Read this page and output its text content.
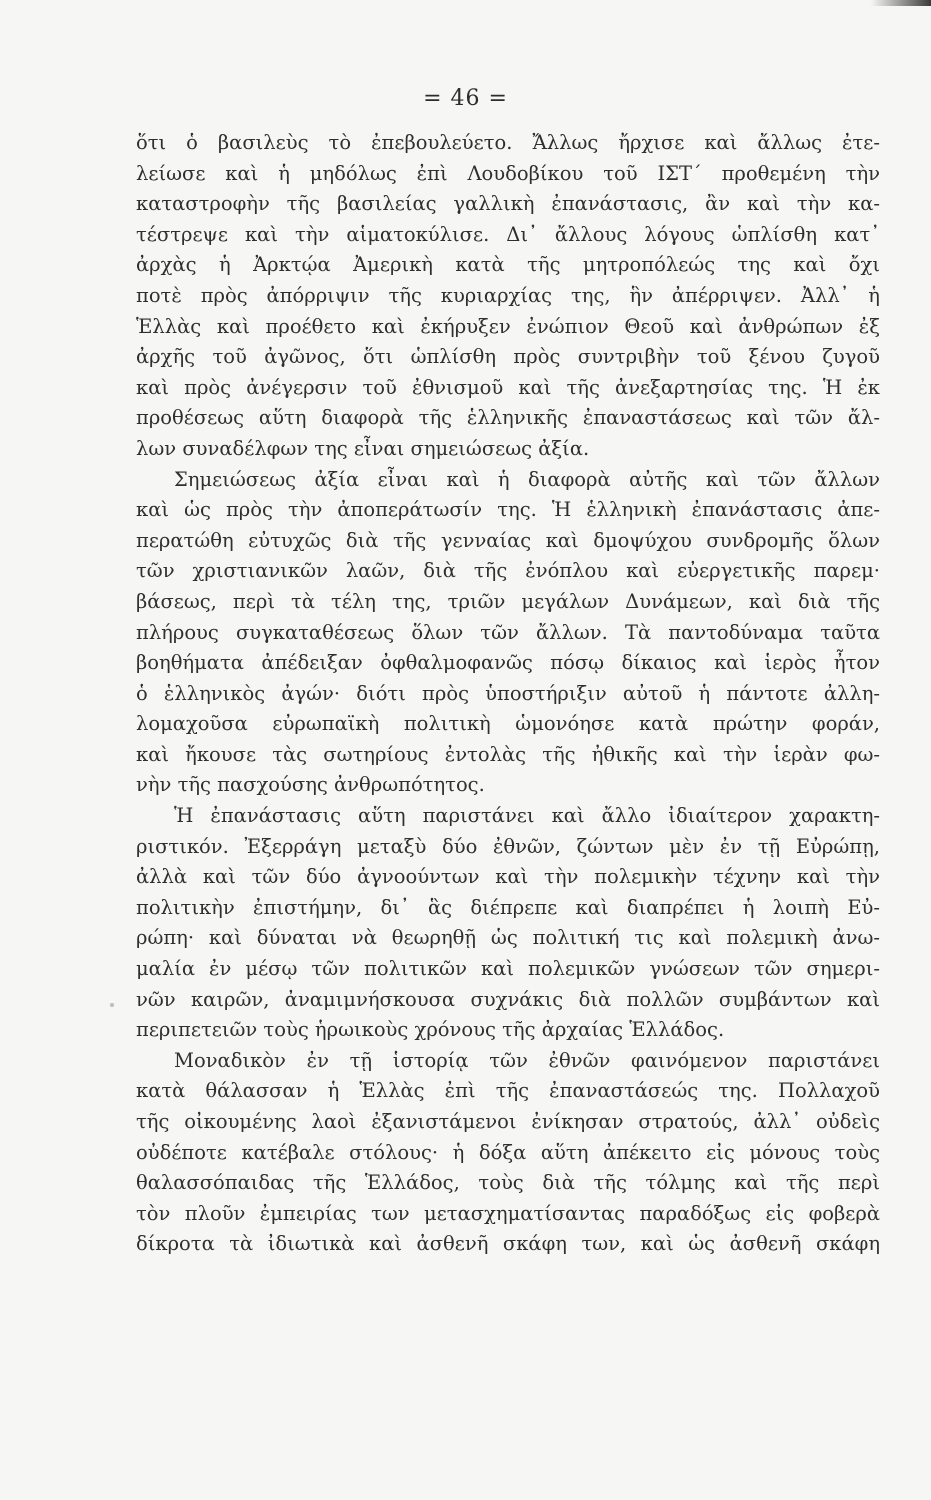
= 46 =
ὅτι ὁ βασιλεὺς τὸ ἐπεβουλεύετο. Ἄλλως ἤρχισε καὶ ἄλλως ἐτε-
λείωσε καὶ ἡ μηδόλως ἐπὶ Λουδοβίκου τοῦ ΙΣΤ΄ προθεμένη τὴν
καταστροφὴν τῆς βασιλείας γαλλικὴ ἐπανάστασις, ἂν καὶ τὴν κα-
τέστρεψε καὶ τὴν αἱματοκύλισε. Δι᾽ ἄλλους λόγους ὡπλίσθη κατ᾽
ἀρχὰς ἡ Ἀρκτῴα Ἀμερικὴ κατὰ τῆς μητροπόλεώς της καὶ ὄχι
ποτὲ πρὸς ἀπόρριψιν τῆς κυριαρχίας της, ἣν ἀπέρριψεν. Ἀλλ᾽ ἡ
Ἑλλὰς καὶ προέθετο καὶ ἐκήρυξεν ἐνώπιον Θεοῦ καὶ ἀνθρώπων ἐξ
ἀρχῆς τοῦ ἀγῶνος, ὅτι ὡπλίσθη πρὸς συντριβὴν τοῦ ξένου ζυγοῦ
καὶ πρὸς ἀνέγερσιν τοῦ ἐθνισμοῦ καὶ τῆς ἀνεξαρτησίας της. Ἡ ἐκ
προθέσεως αὕτη διαφορὰ τῆς ἑλληνικῆς ἐπαναστάσεως καὶ τῶν ἄλ-
λων συναδέλφων της εἶναι σημειώσεως ἀξία.
Σημειώσεως ἀξία εἶναι καὶ ἡ διαφορὰ αὐτῆς καὶ τῶν ἄλλων
καὶ ὡς πρὸς τὴν ἀποπεράτωσίν της. Ἡ ἑλληνικὴ ἐπανάστασις ἀπε-
περατώθη εὐτυχῶς διὰ τῆς γενναίας καὶ δμοψύχου συνδρομῆς ὅλων
τῶν χριστιανικῶν λαῶν, διὰ τῆς ἐνόπλου καὶ εὐεργετικῆς παρεμ·
βάσεως, περὶ τὰ τέλη της, τριῶν μεγάλων Δυνάμεων, καὶ διὰ τῆς
πλήρους συγκαταθέσεως ὅλων τῶν ἄλλων. Τὰ παντοδύναμα ταῦτα
βοηθήματα ἀπέδειξαν ὀφθαλμοφανῶς πόσῳ δίκαιος καὶ ἱερὸς ἦτον
ὁ ἑλληνικὸς ἀγών· διότι πρὸς ὑποστήριξιν αὐτοῦ ἡ πάντοτε ἀλλη-
λομαχοῦσα εὐρωπαϊκὴ πολιτικὴ ὡμονόησε κατὰ πρώτην φοράν,
καὶ ἤκουσε τὰς σωτηρίους ἐντολὰς τῆς ἠθικῆς καὶ τὴν ἱερὰν φω-
νὴν τῆς πασχούσης ἀνθρωπότητος.
Ἡ ἐπανάστασις αὕτη παριστάνει καὶ ἄλλο ἰδιαίτερον χαρακτη-
ριστικόν. Ἐξερράγη μεταξὺ δύο ἐθνῶν, ζώντων μὲν ἐν τῇ Εὐρώπῃ,
ἀλλὰ καὶ τῶν δύο ἀγνοούντων καὶ τὴν πολεμικὴν τέχνην καὶ τὴν
πολιτικὴν ἐπιστήμην, δι᾽ ἃς διέπρεπε καὶ διαπρέπει ἡ λοιπὴ Εὐ-
ρώπη· καὶ δύναται νὰ θεωρηθῇ ὡς πολιτική τις καὶ πολεμικὴ ἀνω-
μαλία ἐν μέσῳ τῶν πολιτικῶν καὶ πολεμικῶν γνώσεων τῶν σημερι-
νῶν καιρῶν, ἀναμιμνήσκουσα συχνάκις διὰ πολλῶν συμβάντων καὶ
περιπετειῶν τοὺς ἡρωικοὺς χρόνους τῆς ἀρχαίας Ἑλλάδος.
Μοναδικὸν ἐν τῇ ἱστορίᾳ τῶν ἐθνῶν φαινόμενον παριστάνει
κατὰ θάλασσαν ἡ Ἑλλὰς ἐπὶ τῆς ἐπαναστάσεώς της. Πολλαχοῦ
τῆς οἰκουμένης λαοὶ ἐξανιστάμενοι ἐνίκησαν στρατούς, ἀλλ᾽ οὐδεὶς
οὐδέποτε κατέβαλε στόλους· ἡ δόξα αὕτη ἀπέκειτο εἰς μόνους τοὺς
θαλασσόπαιδας τῆς Ἑλλάδος, τοὺς διὰ τῆς τόλμης καὶ τῆς περὶ
τὸν πλοῦν ἐμπειρίας των μετασχηματίσαντας παραδόξως εἰς φοβερὰ
δίκροτα τὰ ἰδιωτικὰ καὶ ἀσθενῆ σκάφη των, καὶ ὡς ἀσθενῆ σκάφη
